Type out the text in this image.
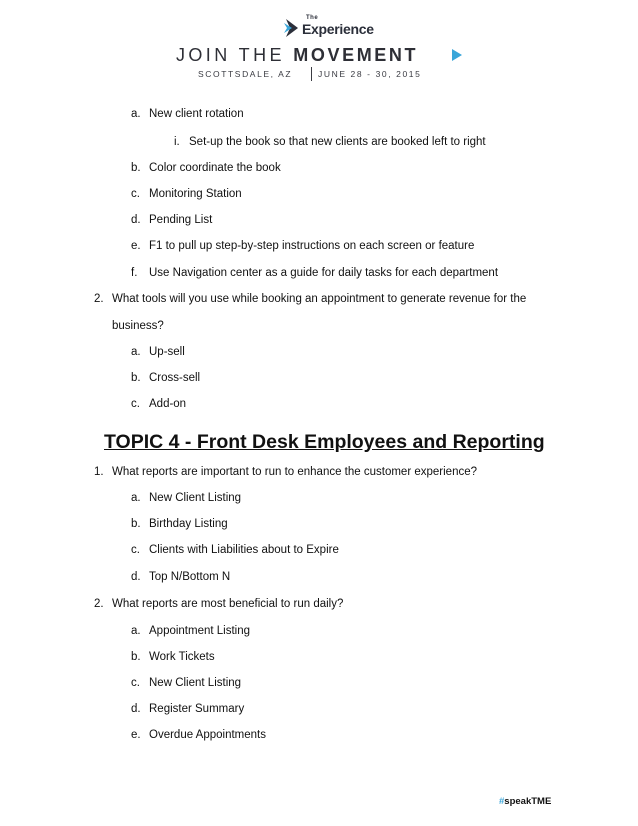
The
Experience
JOIN THE MOVEMENT
SCOTTSDALE, AZ	JUNE 28 - 30, 2015
a. New client rotation
i. Set-up the book so that new clients are booked left to right
b. Color coordinate the book
c. Monitoring Station
d. Pending List
e. F1 to pull up step-by-step instructions on each screen or feature
f. Use Navigation center as a guide for daily tasks for each department
2. What tools will you use while booking an appointment to generate revenue for the
business?
a. Up-sell
b. Cross-sell
c. Add-on
TOPIC 4 - Front Desk Employees and Reporting
1. What reports are important to run to enhance the customer experience?
a. New Client Listing
b. Birthday Listing
c. Clients with Liabilities about to Expire
d. Top N/Bottom N
2. What reports are most beneficial to run daily?
a. Appointment Listing
b. Work Tickets
c. New Client Listing
d. Register Summary
e. Overdue Appointments
#speakTME
